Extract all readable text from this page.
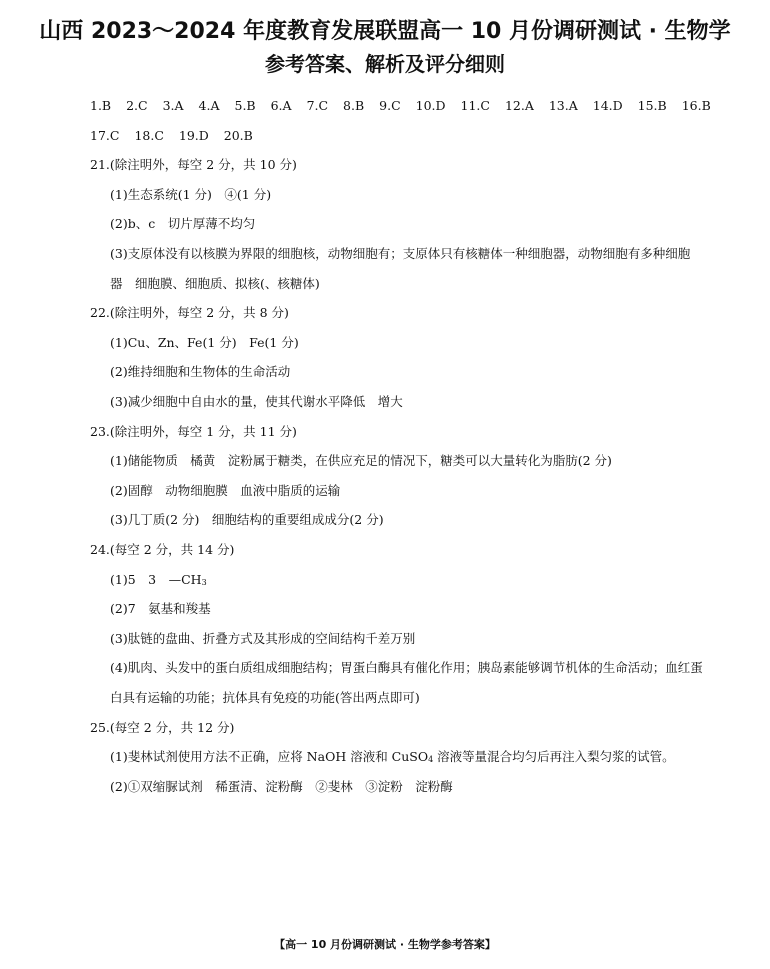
山西 2023～2024 年度教育发展联盟高一 10 月份调研测试 · 生物学
参考答案、解析及评分细则
1.B 2.C 3.A 4.A 5.B 6.A 7.C 8.B 9.C 10.D 11.C 12.A 13.A 14.D 15.B 16.B
17.C 18.C 19.D 20.B
21.(除注明外，每空 2 分，共 10 分)
(1)生态系统(1 分)　④(1 分)
(2)b、c　切片厚薄不均匀
(3)支原体没有以核膜为界限的细胞核，动物细胞有；支原体只有核糖体一种细胞器，动物细胞有多种细胞
器　细胞膜、细胞质、拟核(、核糖体)
22.(除注明外，每空 2 分，共 8 分)
(1)Cu、Zn、Fe(1 分)　Fe(1 分)
(2)维持细胞和生物体的生命活动
(3)减少细胞中自由水的量，使其代谢水平降低　增大
23.(除注明外，每空 1 分，共 11 分)
(1)储能物质　橘黄　淀粉属于糖类，在供应充足的情况下，糖类可以大量转化为脂肪(2 分)
(2)固醇　动物细胞膜　血液中脂质的运输
(3)几丁质(2 分)　细胞结构的重要组成成分(2 分)
24.(每空 2 分，共 14 分)
(1)5　3　$—CH_3$
(2)7　氨基和羧基
(3)肽链的盘曲、折叠方式及其形成的空间结构千差万别
(4)肌肉、头发中的蛋白质组成细胞结构；胃蛋白酶具有催化作用；胰岛素能够调节机体的生命活动；血红蛋
白具有运输的功能；抗体具有免疫的功能(答出两点即可)
25.(每空 2 分，共 12 分)
(1)斐林试剂使用方法不正确，应将 NaOH 溶液和 CuSO$_4$ 溶液等量混合均匀后再注入梨匀浆的试管。
(2)①双缩脲试剂　稀蛋清、淀粉酶　②斐林　③淀粉　淀粉酶
【高一 10 月份调研测试 · 生物学参考答案】
